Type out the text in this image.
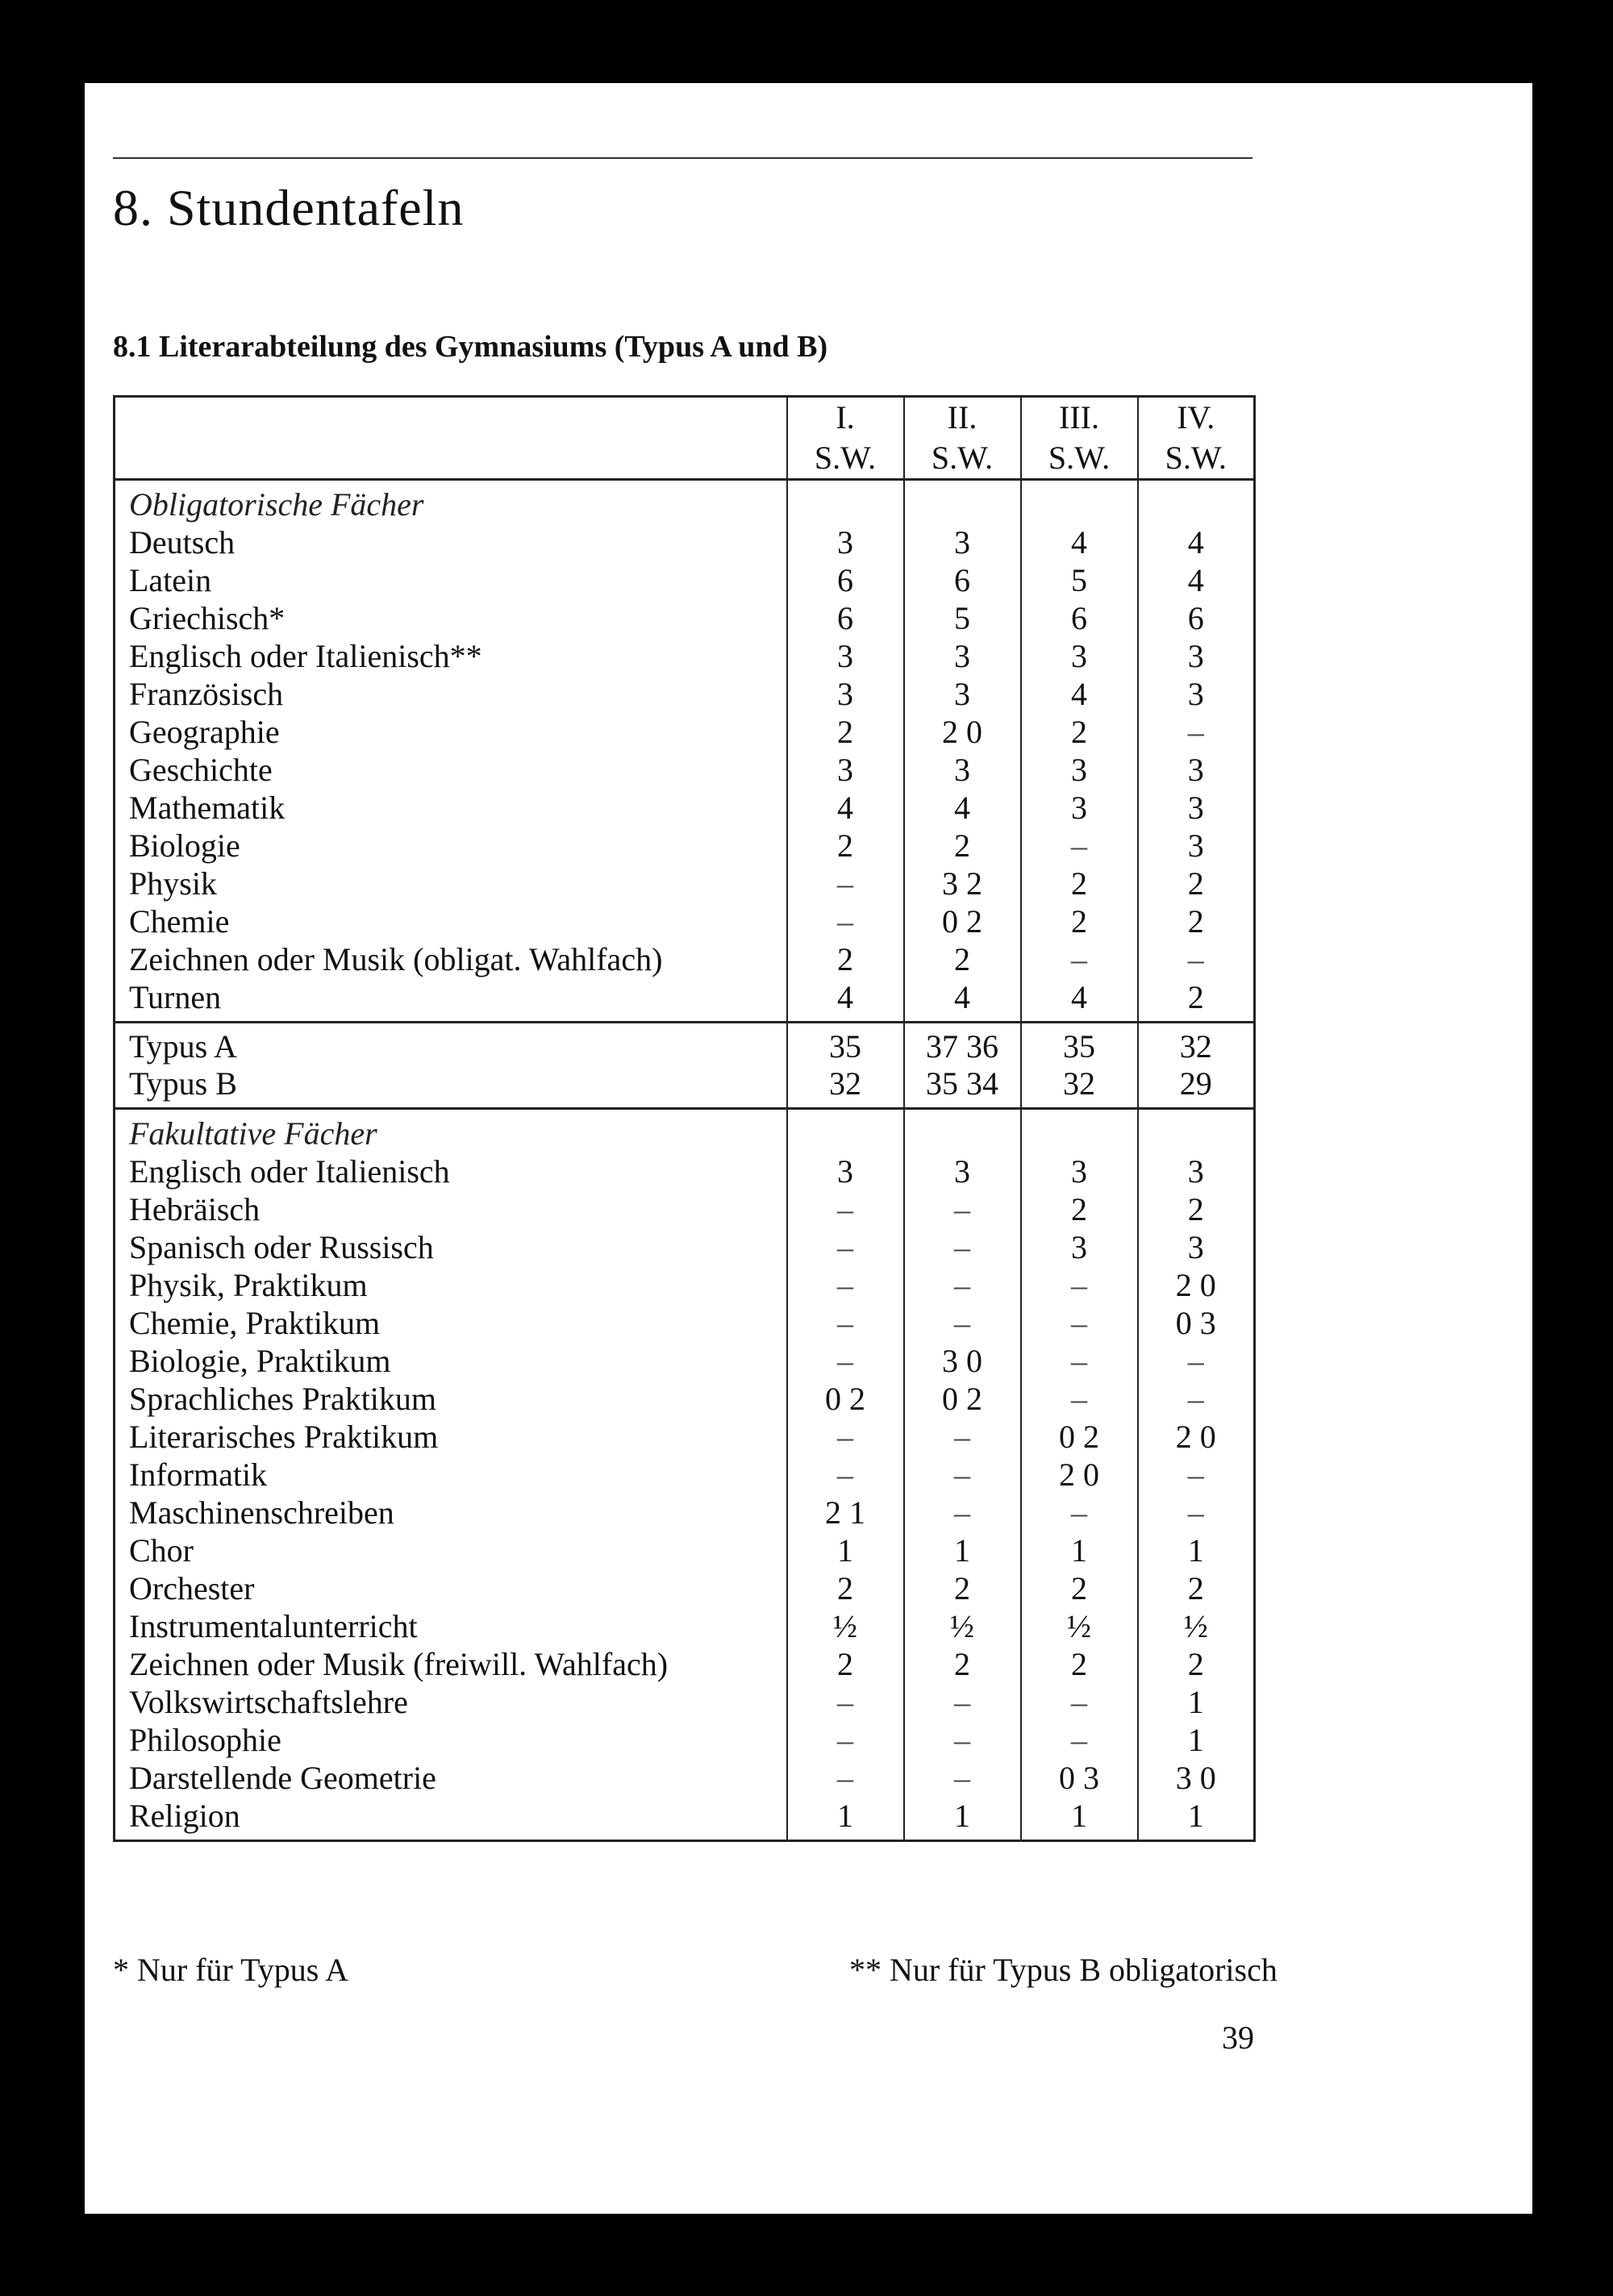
8. Stundentafeln
8.1 Literarabteilung des Gymnasiums (Typus A und B)
	I.	II.	III.	IV.
	S.W.	S.W.	S.W.	S.W.
Obligatorische Fächer				
Deutsch	3	3	4	4
Latein	6	6	5	4
Griechisch*	6	5	6	6
Englisch oder Italienisch**	3	3	3	3
Französisch	3	3	4	3
Geographie	2	2 0	2	–
Geschichte	3	3	3	3
Mathematik	4	4	3	3
Biologie	2	2	–	3
Physik	–	3 2	2	2
Chemie	–	0 2	2	2
Zeichnen oder Musik (obligat. Wahlfach)	2	2	–	–
Turnen	4	4	4	2
Typus A	35	37 36	35	32
Typus B	32	35 34	32	29
Fakultative Fächer				
Englisch oder Italienisch	3	3	3	3
Hebräisch	–	–	2	2
Spanisch oder Russisch	–	–	3	3
Physik, Praktikum	–	–	–	2 0
Chemie, Praktikum	–	–	–	0 3
Biologie, Praktikum	–	3 0	–	–
Sprachliches Praktikum	0 2	0 2	–	–
Literarisches Praktikum	–	–	0 2	2 0
Informatik	–	–	2 0	–
Maschinenschreiben	2 1	–	–	–
Chor	1	1	1	1
Orchester	2	2	2	2
Instrumentalunterricht	½	½	½	½
Zeichnen oder Musik (freiwill. Wahlfach)	2	2	2	2
Volkswirtschaftslehre	–	–	–	1
Philosophie	–	–	–	1
Darstellende Geometrie	–	–	0 3	3 0
Religion	1	1	1	1
* Nur für Typus A	** Nur für Typus B obligatorisch
39
